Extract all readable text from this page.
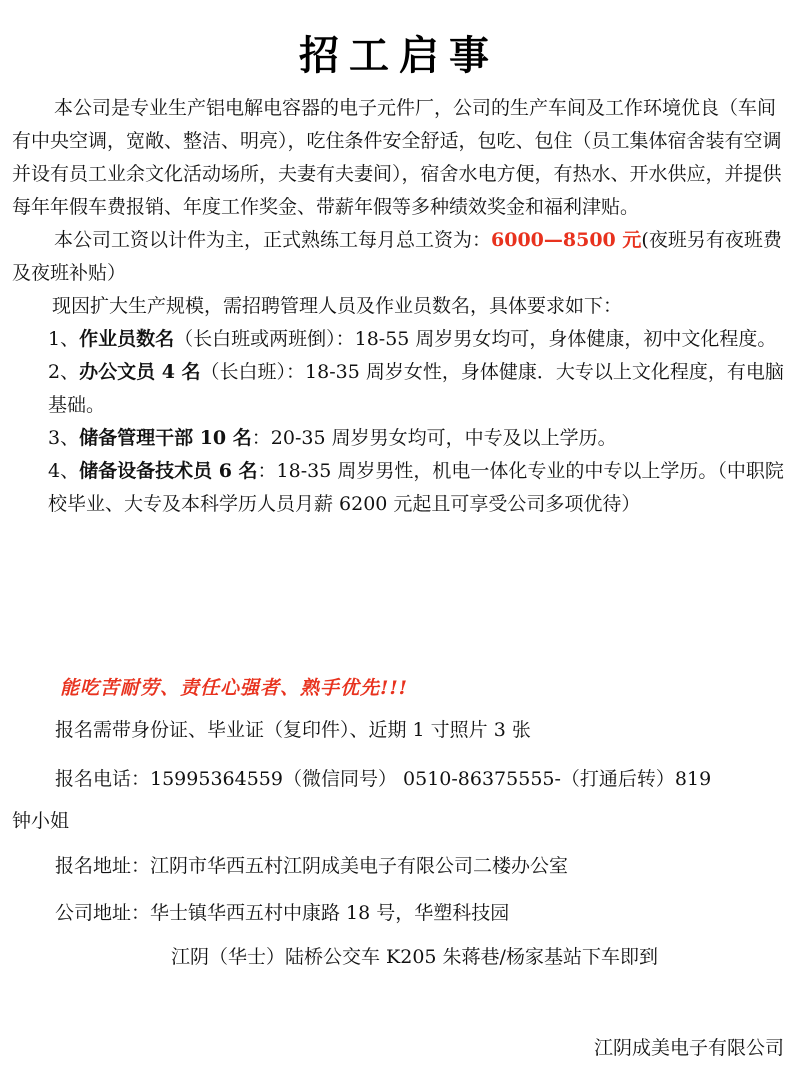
招工启事

本公司是专业生产铝电解电容器的电子元件厂，公司的生产车间及工作环境优良（车间有中央空调，宽敞、整洁、明亮），吃住条件安全舒适，包吃、包住（员工集体宿舍装有空调并设有员工业余文化活动场所，夫妻有夫妻间），宿舍水电方便，有热水、开水供应，并提供每年年假车费报销、年度工作奖金、带薪年假等多种绩效奖金和福利津贴。

本公司工资以计件为主，正式熟练工每月总工资为：6000—8500 元(夜班另有夜班费及夜班补贴）

现因扩大生产规模，需招聘管理人员及作业员数名，具体要求如下：

1、作业员数名（长白班或两班倒）：18-55 周岁男女均可，身体健康，初中文化程度。

2、办公文员 4 名（长白班）：18-35 周岁女性，身体健康．大专以上文化程度，有电脑基础。

3、储备管理干部 10 名：20-35 周岁男女均可，中专及以上学历。

4、储备设备技术员 6 名：18-35 周岁男性，机电一体化专业的中专以上学历。（中职院校毕业、大专及本科学历人员月薪 6200 元起且可享受公司多项优待）

能吃苦耐劳、责任心强者、熟手优先!!!
报名需带身份证、毕业证（复印件）、近期 1 寸照片 3 张
报名电话：15995364559（微信同号） 0510-86375555-（打通后转）819
钟小姐
报名地址：江阴市华西五村江阴成美电子有限公司二楼办公室
公司地址：华士镇华西五村中康路 18 号，华塑科技园
江阴（华士）陆桥公交车 K205 朱蒋巷/杨家基站下车即到
江阴成美电子有限公司
